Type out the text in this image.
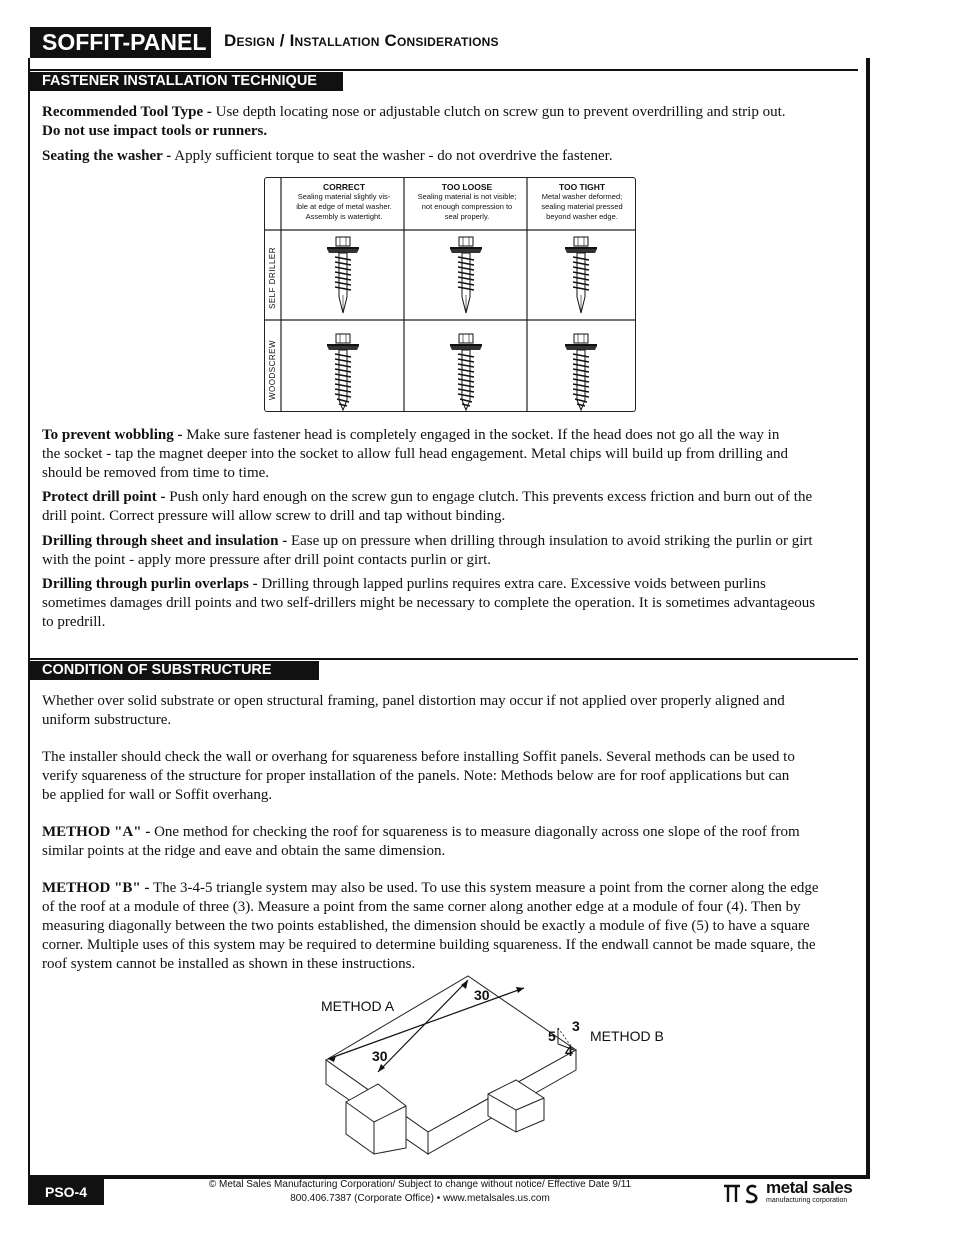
SOFFIT-PANEL Design / Installation Considerations
FASTENER INSTALLATION TECHNIQUE
Recommended Tool Type - Use depth locating nose or adjustable clutch on screw gun to prevent overdrilling and strip out.
Do not use impact tools or runners.
Seating the washer - Apply sufficient torque to seat the washer - do not overdrive the fastener.
CORRECT
Sealing material slightly vis-
ible at edge of metal washer.
Assembly is watertight.
TOO LOOSE
Sealing material is not visible;
not enough compression to
seal properly.
TOO TIGHT
Metal washer deformed;
sealing material pressed
beyond washer edge.
SELF DRILLER
WOODSCREW
To prevent wobbling - Make sure fastener head is completely engaged in the socket. If the head does not go all the way in
the socket - tap the magnet deeper into the socket to allow full head engagement. Metal chips will build up from drilling and
should be removed from time to time.
Protect drill point - Push only hard enough on the screw gun to engage clutch. This prevents excess friction and burn out of the
drill point. Correct pressure will allow screw to drill and tap without binding.
Drilling through sheet and insulation - Ease up on pressure when drilling through insulation to avoid striking the purlin or girt
with the point - apply more pressure after drill point contacts purlin or girt.
Drilling through purlin overlaps - Drilling through lapped purlins requires extra care. Excessive voids between purlins
sometimes damages drill points and two self-drillers might be necessary to complete the operation. It is sometimes advantageous
to predrill.
CONDITION OF SUBSTRUCTURE
Whether over solid substrate or open structural framing, panel distortion may occur if not applied over properly aligned and
uniform substructure.
The installer should check the wall or overhang for squareness before installing Soffit panels. Several methods can be used to
verify squareness of the structure for proper installation of the panels. Note: Methods below are for roof applications but can
be applied for wall or Soffit overhang.
METHOD "A" - One method for checking the roof for squareness is to measure diagonally across one slope of the roof from
similar points at the ridge and eave and obtain the same dimension.
METHOD "B" - The 3-4-5 triangle system may also be used. To use this system measure a point from the corner along the edge
of the roof at a module of three (3). Measure a point from the same corner along another edge at a module of four (4). Then by
measuring diagonally between the two points established, the dimension should be exactly a module of five (5) to have a square
corner. Multiple uses of this system may be required to determine building squareness. If the endwall cannot be made square, the
roof system cannot be installed as shown in these instructions.
METHOD A
METHOD B
30
30
3
4
5
PSO-4	© Metal Sales Manufacturing Corporation/ Subject to change without notice/ Effective Date 9/11
800.406.7387 (Corporate Office) • www.metalsales.us.com
metal sales
manufacturing corporation
